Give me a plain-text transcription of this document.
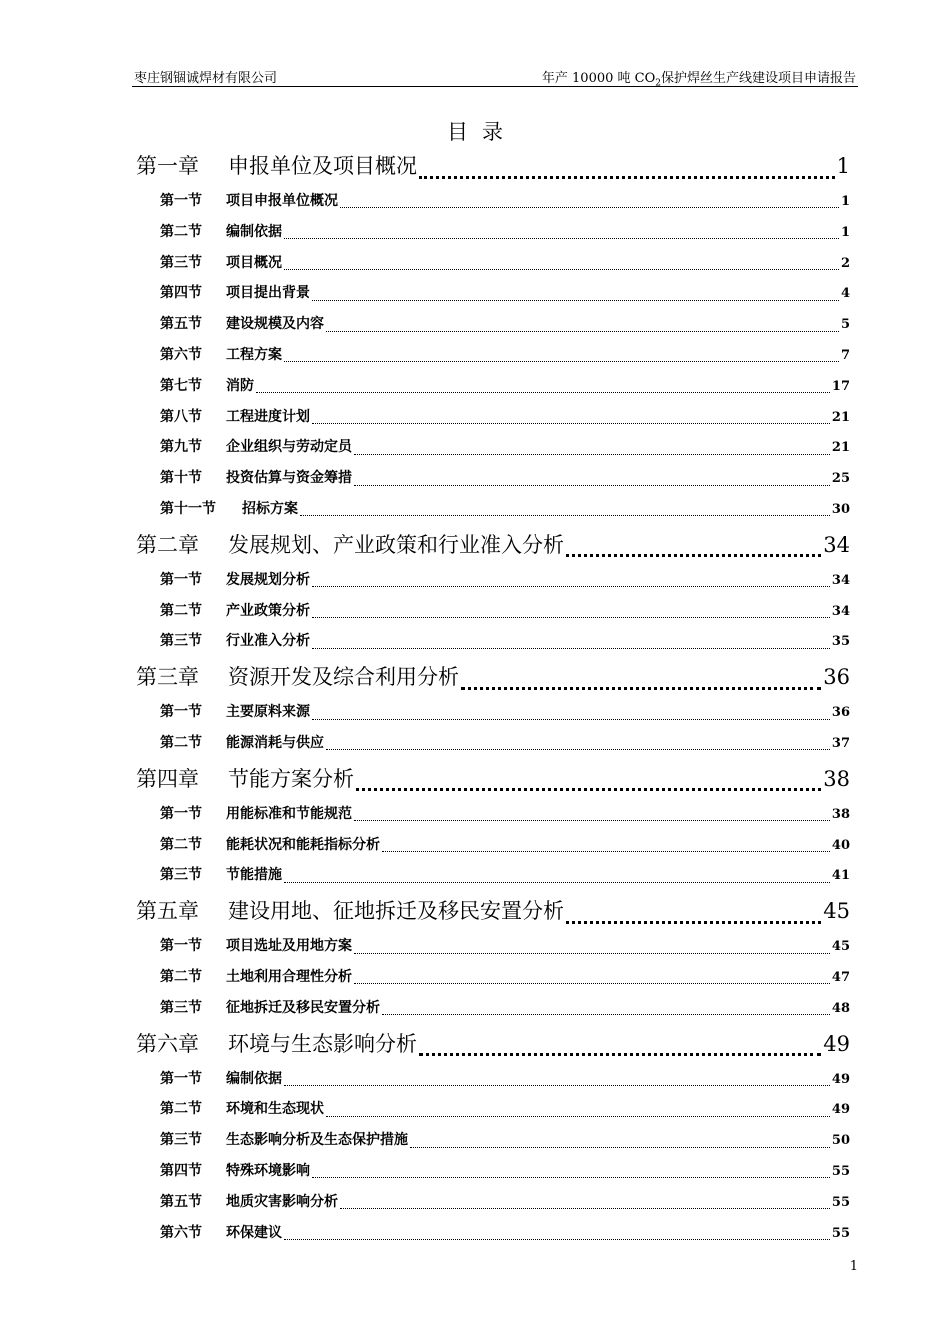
枣庄钢锢诚焊材有限公司	年产 10000 吨 $CO_2$保护焊丝生产线建设项目申请报告
目录
第一章	申报单位及项目概况	1
第一节	项目申报单位概况	1
第二节	编制依据	1
第三节	项目概况	2
第四节	项目提出背景	4
第五节	建设规模及内容	5
第六节	工程方案	7
第七节	消防	17
第八节	工程进度计划	21
第九节	企业组织与劳动定员	21
第十节	投资估算与资金筹措	25
第十一节	招标方案	30
第二章	发展规划、产业政策和行业准入分析	34
第一节	发展规划分析	34
第二节	产业政策分析	34
第三节	行业准入分析	35
第三章	资源开发及综合利用分析	36
第一节	主要原料来源	36
第二节	能源消耗与供应	37
第四章	节能方案分析	38
第一节	用能标准和节能规范	38
第二节	能耗状况和能耗指标分析	40
第三节	节能措施	41
第五章	建设用地、征地拆迁及移民安置分析	45
第一节	项目选址及用地方案	45
第二节	土地利用合理性分析	47
第三节	征地拆迁及移民安置分析	48
第六章	环境与生态影响分析	49
第一节	编制依据	49
第二节	环境和生态现状	49
第三节	生态影响分析及生态保护措施	50
第四节	特殊环境影响	55
第五节	地质灾害影响分析	55
第六节	环保建议	55
1
